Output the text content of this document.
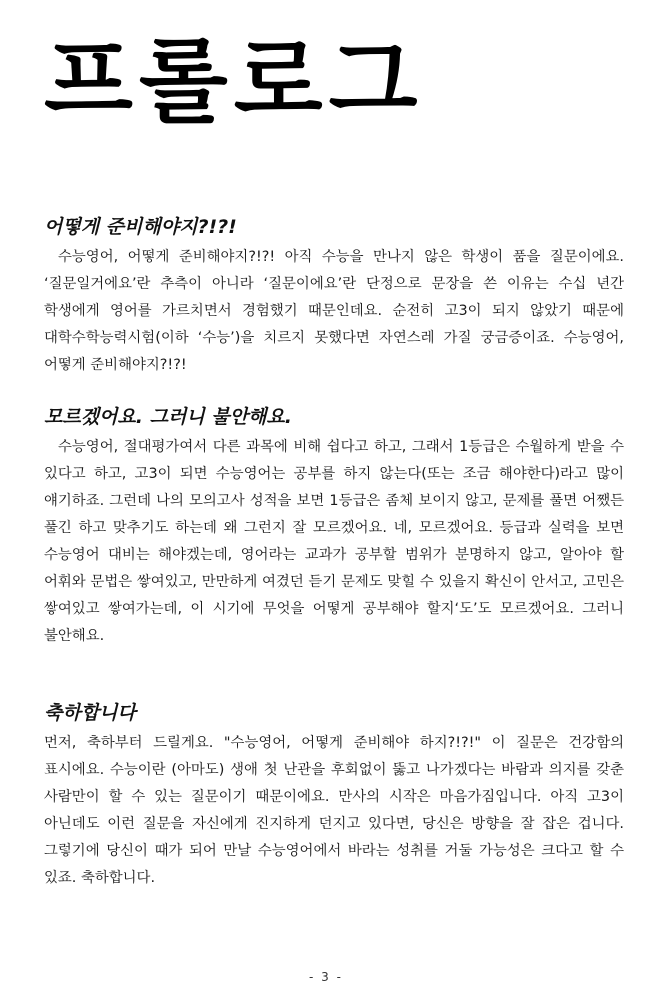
프롤로그
어떻게 준비해야지?!?!

수능영어, 어떻게 준비해야지?!?! 아직 수능을 만나지 않은 학생이 품을 질문이에요. ‘질문일거에요’란 추측이 아니라 ‘질문이에요’란 단정으로 문장을 쓴 이유는 수십 년간 학생에게 영어를 가르치면서 경험했기 때문인데요. 순전히 고3이 되지 않았기 때문에 대학수학능력시험(이하 ‘수능’)을 치르지 못했다면 자연스레 가질 궁금증이죠. 수능영어, 어떻게 준비해야지?!?!

모르겠어요. 그러니 불안해요.

수능영어, 절대평가여서 다른 과목에 비해 쉽다고 하고, 그래서 1등급은 수월하게 받을 수 있다고 하고, 고3이 되면 수능영어는 공부를 하지 않는다(또는 조금 해야한다)라고 많이 얘기하죠. 그런데 나의 모의고사 성적을 보면 1등급은 좀체 보이지 않고, 문제를 풀면 어쨌든 풀긴 하고 맞추기도 하는데 왜 그런지 잘 모르겠어요. 네, 모르겠어요. 등급과 실력을 보면 수능영어 대비는 해야겠는데, 영어라는 교과가 공부할 범위가 분명하지 않고, 알아야 할 어휘와 문법은 쌓여있고, 만만하게 여겼던 듣기 문제도 맞힐 수 있을지 확신이 안서고, 고민은 쌓여있고 쌓여가는데, 이 시기에 무엇을 어떻게 공부해야 할지‘도’도 모르겠어요. 그러니 불안해요.

축하합니다

먼저, 축하부터 드릴게요. "수능영어, 어떻게 준비해야 하지?!?!" 이 질문은 건강함의 표시에요. 수능이란 (아마도) 생애 첫 난관을 후회없이 뚫고 나가겠다는 바람과 의지를 갖춘 사람만이 할 수 있는 질문이기 때문이에요. 만사의 시작은 마음가짐입니다. 아직 고3이 아닌데도 이런 질문을 자신에게 진지하게 던지고 있다면, 당신은 방향을 잘 잡은 겁니다. 그렇기에 당신이 때가 되어 만날 수능영어에서 바라는 성취를 거둘 가능성은 크다고 할 수 있죠. 축하합니다.

- 3 -
